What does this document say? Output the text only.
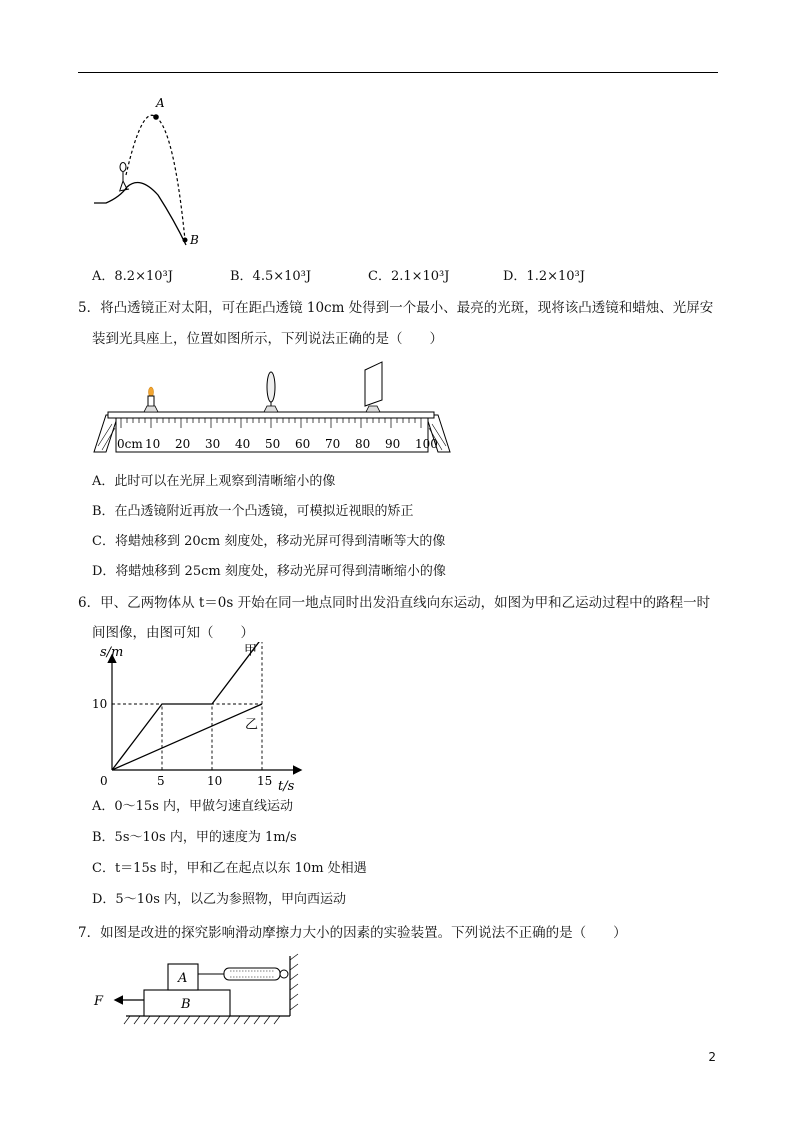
A
B
A．8.2×10³J	B．4.5×10³J	C．2.1×10³J	D．1.2×10³J
5．将凸透镜正对太阳，可在距凸透镜 10cm 处得到一个最小、最亮的光斑，现将该凸透镜和蜡烛、光屏安
装到光具座上，位置如图所示，下列说法正确的是（　　）
0cm 10 20 30 40 50 60 70 80 90 100
A．此时可以在光屏上观察到清晰缩小的像
B．在凸透镜附近再放一个凸透镜，可模拟近视眼的矫正
C．将蜡烛移到 20cm 刻度处，移动光屏可得到清晰等大的像
D．将蜡烛移到 25cm 刻度处，移动光屏可得到清晰缩小的像
6．甲、乙两物体从 t＝0s 开始在同一地点同时出发沿直线向东运动，如图为甲和乙运动过程中的路程一时
间图像，由图可知（　　）
s/m
t/s
0	5	10	15
10
甲
乙
A．0～15s 内，甲做匀速直线运动
B．5s～10s 内，甲的速度为 1m/s
C．t＝15s 时，甲和乙在起点以东 10m 处相遇
D．5～10s 内，以乙为参照物，甲向西运动
7．如图是改进的探究影响滑动摩擦力大小的因素的实验装置。下列说法不正确的是（　　）
B
A
F
2
